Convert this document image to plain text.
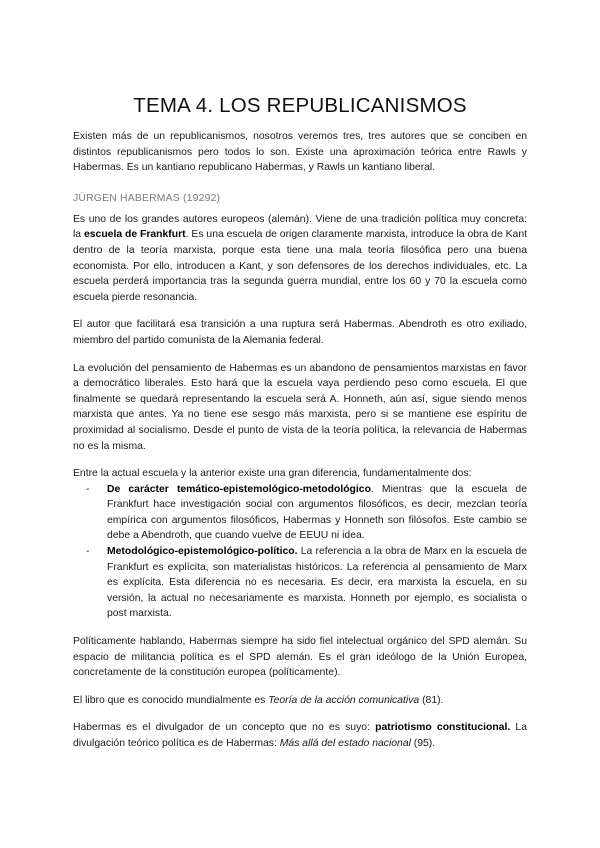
TEMA 4. LOS REPUBLICANISMOS

Existen más de un republicanismos, nosotros veremos tres, tres autores que se conciben en distintos republicanismos pero todos lo son. Existe una aproximación teórica entre Rawls y Habermas. Es un kantiano republicano Habermas, y Rawls un kantiano liberal.

JÜRGEN HABERMAS (19292)

Es uno de los grandes autores europeos (alemán). Viene de una tradición política muy concreta: la escuela de Frankfurt. Es una escuela de origen claramente marxista, introduce la obra de Kant dentro de la teoría marxista, porque esta tiene una mala teoría filosófica pero una buena economista. Por ello, introducen a Kant, y son defensores de los derechos individuales, etc. La escuela perderá importancia tras la segunda guerra mundial, entre los 60 y 70 la escuela como escuela pierde resonancia.

El autor que facilitará esa transición a una ruptura será Habermas. Abendroth es otro exiliado, miembro del partido comunista de la Alemania federal.

La evolución del pensamiento de Habermas es un abandono de pensamientos marxistas en favor a democrático liberales. Esto hará que la escuela vaya perdiendo peso como escuela. El que finalmente se quedará representando la escuela será A. Honneth, aún así, sigue siendo menos marxista que antes. Ya no tiene ese sesgo más marxista, pero si se mantiene ese espíritu de proximidad al socialismo. Desde el punto de vista de la teoría política, la relevancia de Habermas no es la misma.

Entre la actual escuela y la anterior existe una gran diferencia, fundamentalmente dos:

- De carácter temático-epistemológico-metodológico. Mientras que la escuela de Frankfurt hace investigación social con argumentos filosóficos, es decir, mezclan teoría empírica con argumentos filosóficos, Habermas y Honneth son filósofos. Este cambio se debe a Abendroth, que cuando vuelve de EEUU ni idea.
- Metodológico-epistemológico-político. La referencia a la obra de Marx en la escuela de Frankfurt es explícita, son materialistas históricos. La referencia al pensamiento de Marx es explícita. Esta diferencia no es necesaria. Es decir, era marxista la escuela, en su versión, la actual no necesariamente es marxista. Honneth por ejemplo, es socialista o post marxista.

Políticamente hablando, Habermas siempre ha sido fiel intelectual orgánico del SPD alemán. Su espacio de militancia política es el SPD alemán. Es el gran ideólogo de la Unión Europea, concretamente de la constitución europea (políticamente).

El libro que es conocido mundialmente es Teoría de la acción comunicativa (81).

Habermas es el divulgador de un concepto que no es suyo: patriotismo constitucional. La divulgación teórico política es de Habermas: Más allá del estado nacional (95).
